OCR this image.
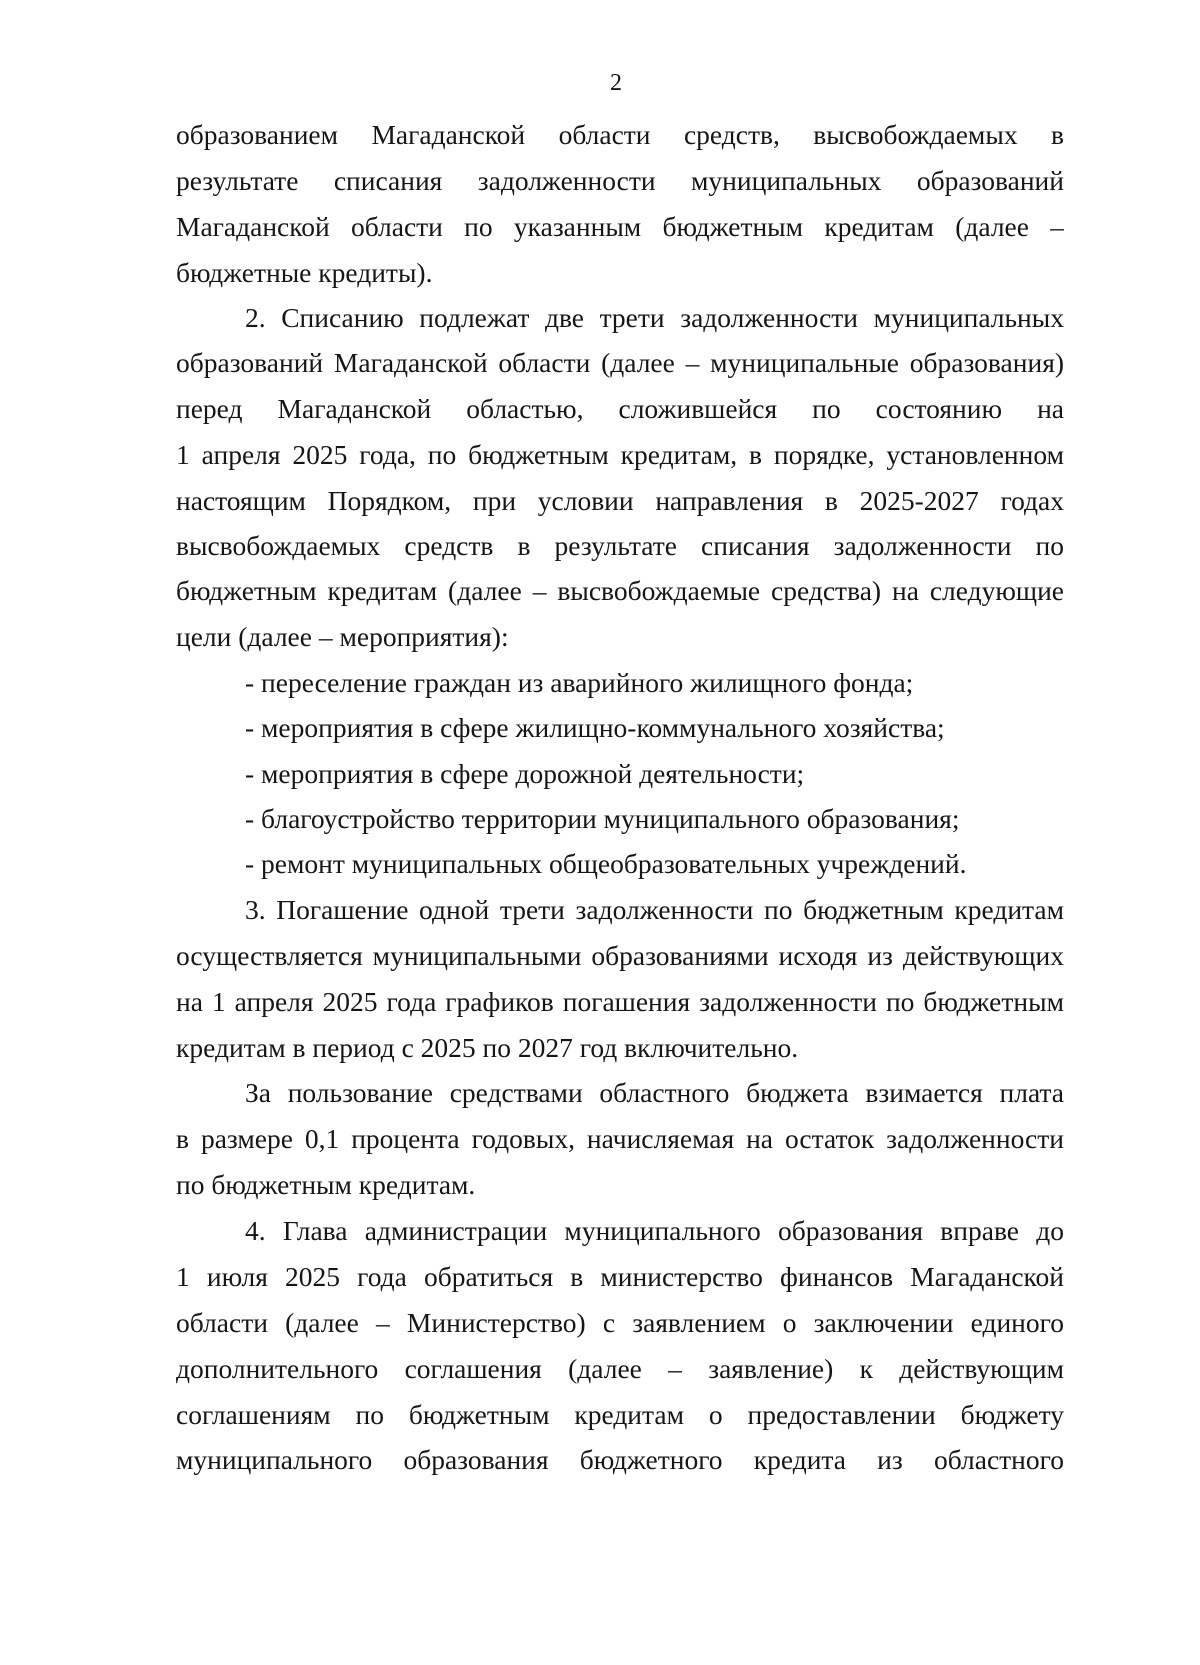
2
образованием Магаданской области средств, высвобождаемых в
результате списания задолженности муниципальных образований
Магаданской области по указанным бюджетным кредитам (далее –
бюджетные кредиты).
2. Списанию подлежат две трети задолженности муниципальных
образований Магаданской области (далее – муниципальные образования)
перед Магаданской областью, сложившейся по состоянию на
1 апреля 2025 года, по бюджетным кредитам, в порядке, установленном
настоящим Порядком, при условии направления в 2025-2027 годах
высвобождаемых средств в результате списания задолженности по
бюджетным кредитам (далее – высвобождаемые средства) на следующие
цели (далее – мероприятия):
- переселение граждан из аварийного жилищного фонда;
- мероприятия в сфере жилищно-коммунального хозяйства;
- мероприятия в сфере дорожной деятельности;
- благоустройство территории муниципального образования;
- ремонт муниципальных общеобразовательных учреждений.
3. Погашение одной трети задолженности по бюджетным кредитам
осуществляется муниципальными образованиями исходя из действующих
на 1 апреля 2025 года графиков погашения задолженности по бюджетным
кредитам в период с 2025 по 2027 год включительно.
За пользование средствами областного бюджета взимается плата
в размере 0,1 процента годовых, начисляемая на остаток задолженности
по бюджетным кредитам.
4. Глава администрации муниципального образования вправе до
1 июля 2025 года обратиться в министерство финансов Магаданской
области (далее – Министерство) с заявлением о заключении единого
дополнительного соглашения (далее – заявление) к действующим
соглашениям по бюджетным кредитам о предоставлении бюджету
муниципального образования бюджетного кредита из областного
